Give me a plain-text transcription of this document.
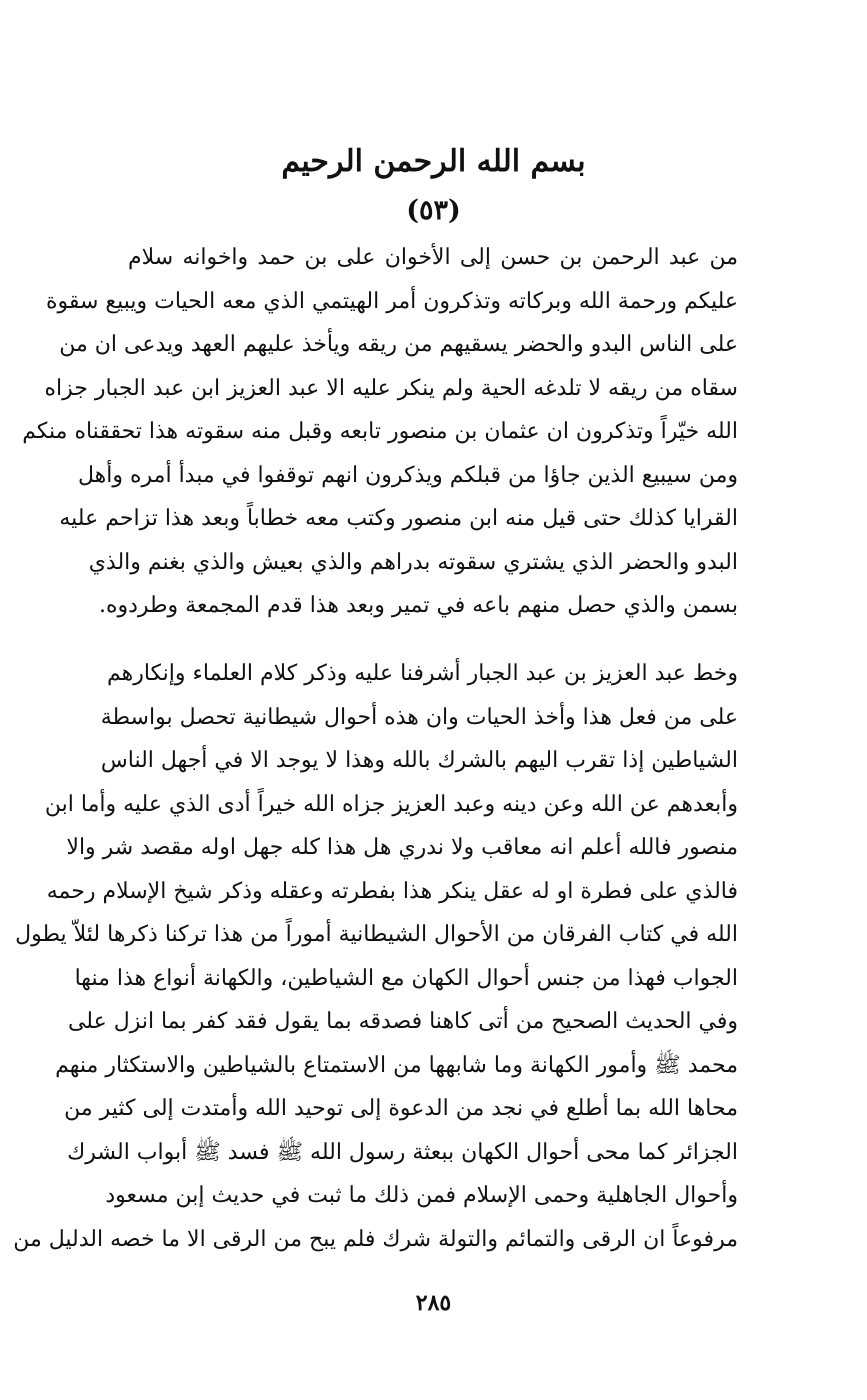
بسم الله الرحمن الرحيم
(٥٣)
من عبد الرحمن بن حسن إلى الأخوان على بن حمد واخوانه سلام
عليكم ورحمة الله وبركاته وتذكرون أمر الهيتمي الذي معه الحيات ويبيع سقوة
على الناس البدو والحضر يسقيهم من ريقه ويأخذ عليهم العهد ويدعى ان من
سقاه من ريقه لا تلدغه الحية ولم ينكر عليه الا عبد العزيز ابن عبد الجبار جزاه
الله خيّراً وتذكرون ان عثمان بن منصور تابعه وقبل منه سقوته هذا تحققناه منكم
ومن سيبيع الذين جاؤا من قبلكم ويذكرون انهم توقفوا في مبدأ أمره وأهل
القرايا كذلك حتى قيل منه ابن منصور وكتب معه خطاباً وبعد هذا تزاحم عليه
البدو والحضر الذي يشتري سقوته بدراهم والذي بعيش والذي بغنم والذي
بسمن والذي حصل منهم باعه في تمير وبعد هذا قدم المجمعة وطردوه.
وخط عبد العزيز بن عبد الجبار أشرفنا عليه وذكر كلام العلماء وإنكارهم
على من فعل هذا وأخذ الحيات وان هذه أحوال شيطانية تحصل بواسطة
الشياطين إذا تقرب اليهم بالشرك بالله وهذا لا يوجد الا في أجهل الناس
وأبعدهم عن الله وعن دينه وعبد العزيز جزاه الله خيراً أدى الذي عليه وأما ابن
منصور فالله أعلم انه معاقب ولا ندري هل هذا كله جهل اوله مقصد شر والا
فالذي على فطرة او له عقل ينكر هذا بفطرته وعقله وذكر شيخ الإسلام رحمه
الله في كتاب الفرقان من الأحوال الشيطانية أموراً من هذا تركنا ذكرها لئلاّ يطول
الجواب فهذا من جنس أحوال الكهان مع الشياطين، والكهانة أنواع هذا منها
وفي الحديث الصحيح من أتى كاهنا فصدقه بما يقول فقد كفر بما انزل على
محمد ﷺ وأمور الكهانة وما شابهها من الاستمتاع بالشياطين والاستكثار منهم
محاها الله بما أطلع في نجد من الدعوة إلى توحيد الله وأمتدت إلى كثير من
الجزائر كما محى أحوال الكهان ببعثة رسول الله ﷺ فسد ﷺ أبواب الشرك
وأحوال الجاهلية وحمى الإسلام فمن ذلك ما ثبت في حديث إبن مسعود
مرفوعاً ان الرقى والتمائم والتولة شرك فلم يبح من الرقى الا ما خصه الدليل من
٢٨٥
